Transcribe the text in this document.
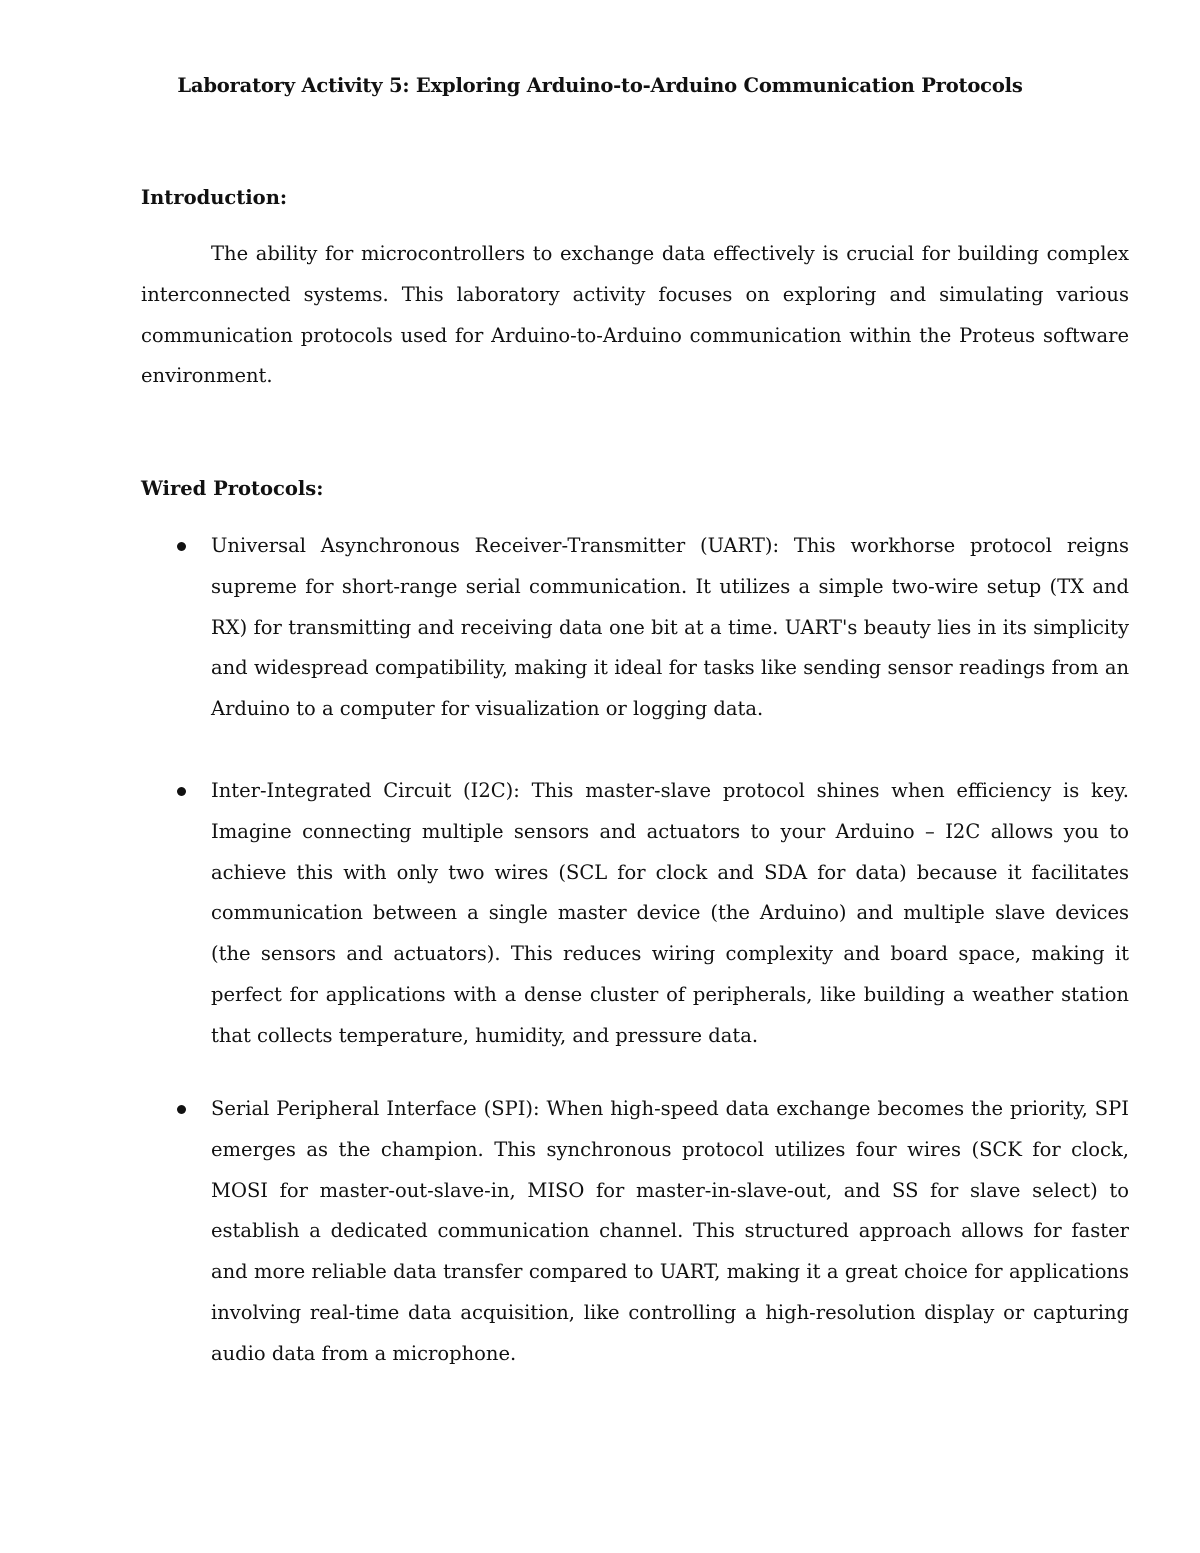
Laboratory Activity 5: Exploring Arduino-to-Arduino Communication Protocols
Introduction:

The ability for microcontrollers to exchange data effectively is crucial for building complex interconnected systems. This laboratory activity focuses on exploring and simulating various communication protocols used for Arduino-to-Arduino communication within the Proteus software environment.

Wired Protocols:

Universal Asynchronous Receiver-Transmitter (UART): This workhorse protocol reigns supreme for short-range serial communication. It utilizes a simple two-wire setup (TX and RX) for transmitting and receiving data one bit at a time. UART's beauty lies in its simplicity and widespread compatibility, making it ideal for tasks like sending sensor readings from an Arduino to a computer for visualization or logging data.

Inter-Integrated Circuit (I2C): This master-slave protocol shines when efficiency is key. Imagine connecting multiple sensors and actuators to your Arduino – I2C allows you to achieve this with only two wires (SCL for clock and SDA for data) because it facilitates communication between a single master device (the Arduino) and multiple slave devices (the sensors and actuators). This reduces wiring complexity and board space, making it perfect for applications with a dense cluster of peripherals, like building a weather station that collects temperature, humidity, and pressure data.

Serial Peripheral Interface (SPI): When high-speed data exchange becomes the priority, SPI emerges as the champion. This synchronous protocol utilizes four wires (SCK for clock, MOSI for master-out-slave-in, MISO for master-in-slave-out, and SS for slave select) to establish a dedicated communication channel. This structured approach allows for faster and more reliable data transfer compared to UART, making it a great choice for applications involving real-time data acquisition, like controlling a high-resolution display or capturing audio data from a microphone.
